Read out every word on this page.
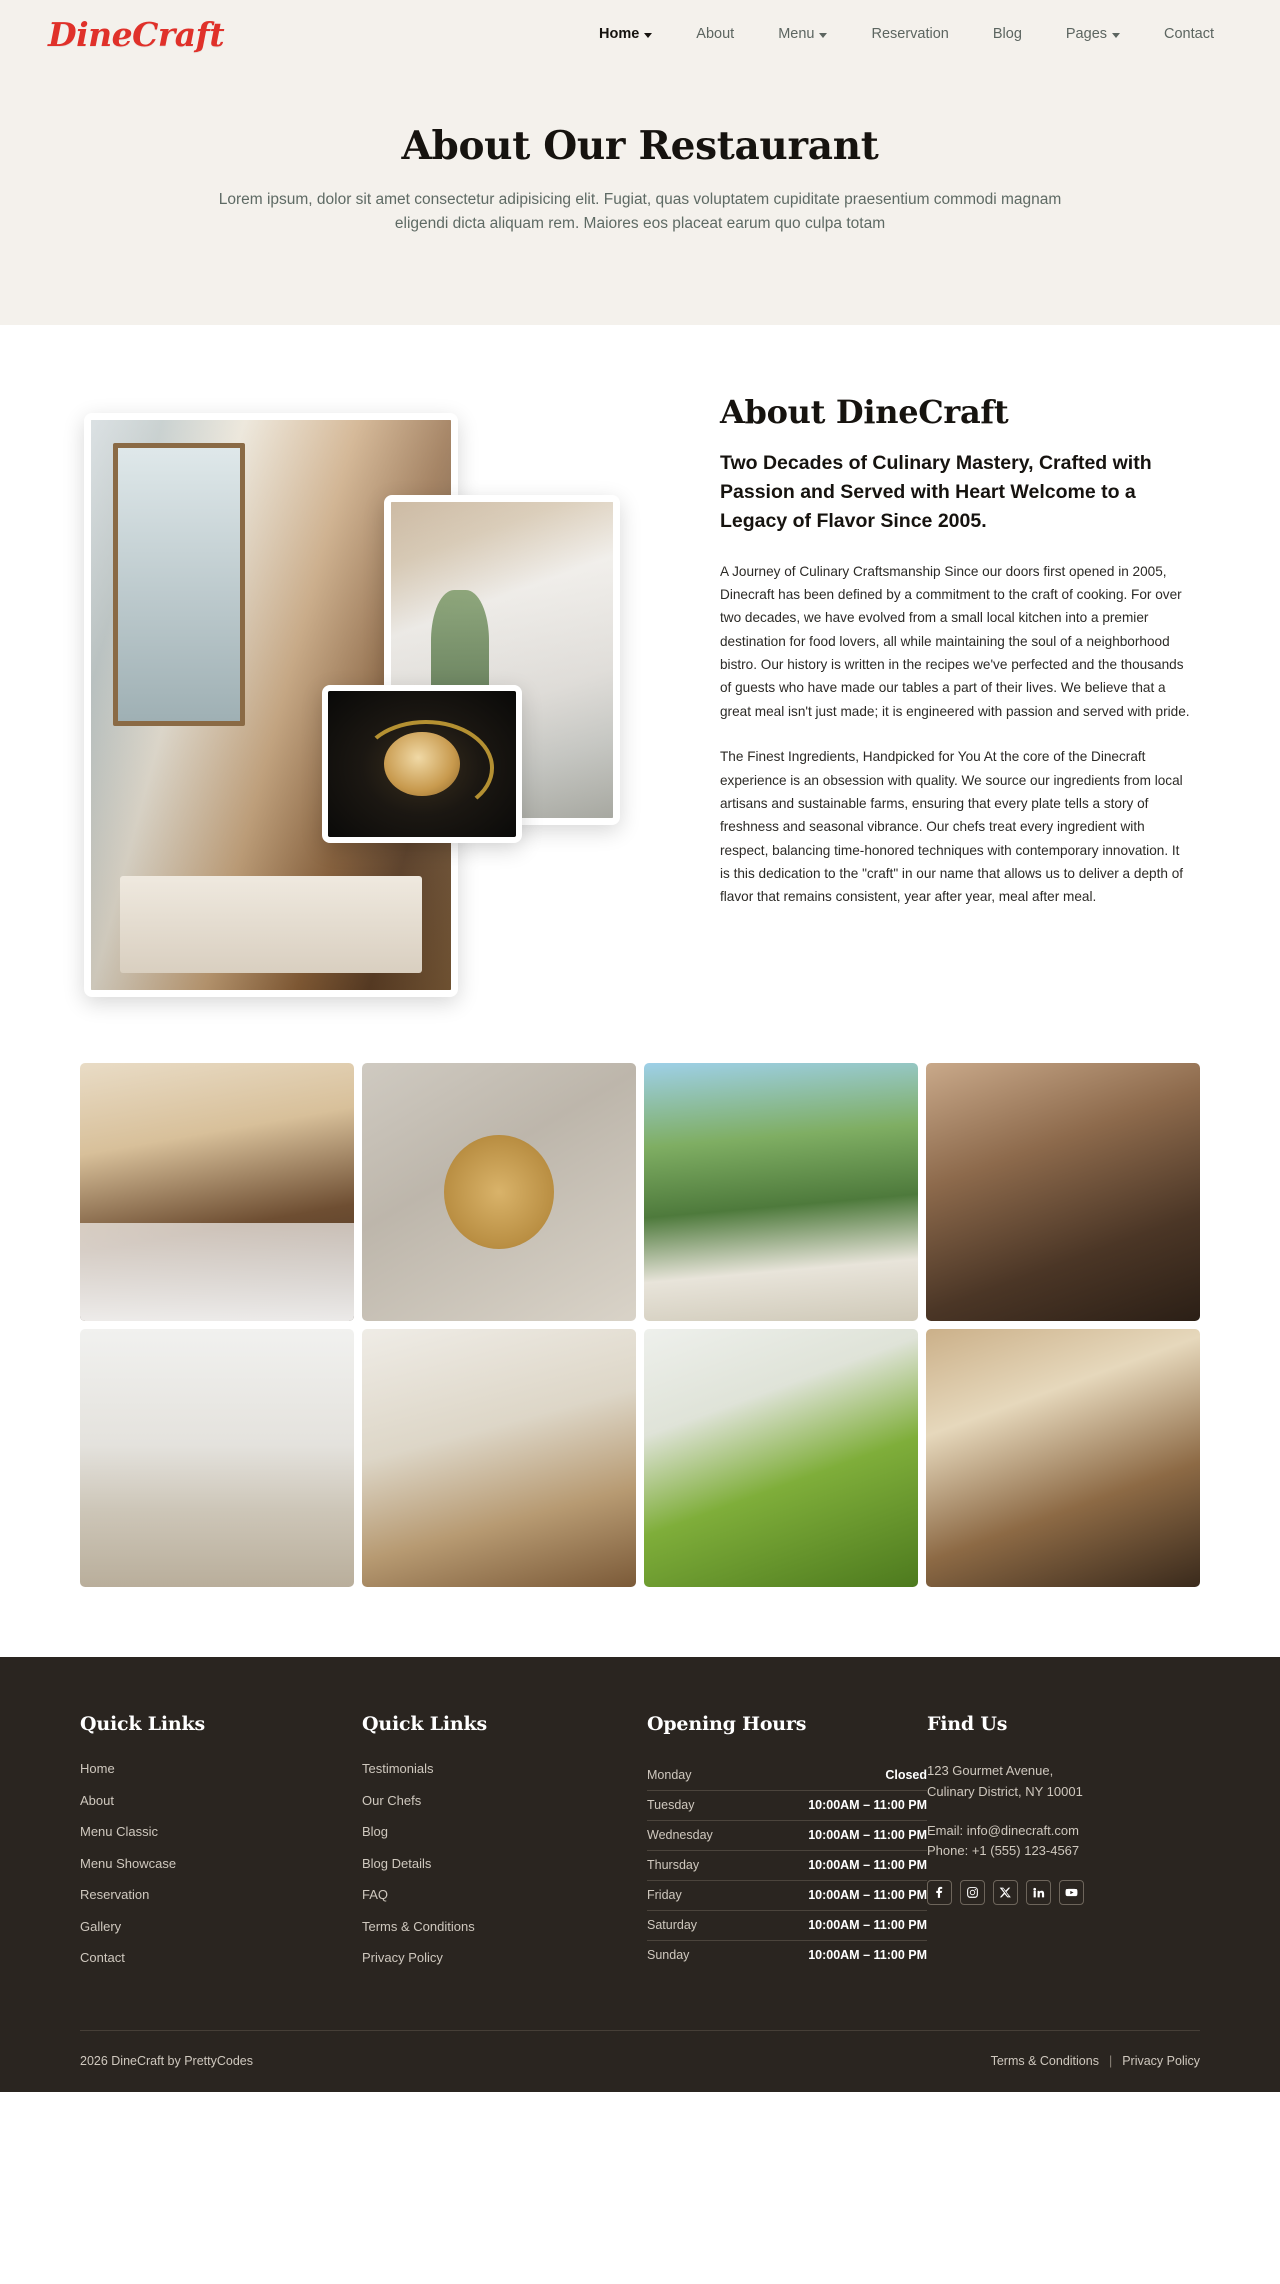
DineCraft	Home	About	Menu	Reservation	Blog	Pages	Contact
About Our Restaurant

Lorem ipsum, dolor sit amet consectetur adipisicing elit. Fugiat, quas voluptatem cupiditate praesentium commodi magnam eligendi dicta aliquam rem. Maiores eos placeat earum quo culpa totam

About DineCraft
Two Decades of Culinary Mastery, Crafted with Passion and Served with Heart Welcome to a Legacy of Flavor Since 2005.

A Journey of Culinary Craftsmanship Since our doors first opened in 2005, Dinecraft has been defined by a commitment to the craft of cooking. For over two decades, we have evolved from a small local kitchen into a premier destination for food lovers, all while maintaining the soul of a neighborhood bistro. Our history is written in the recipes we've perfected and the thousands of guests who have made our tables a part of their lives. We believe that a great meal isn't just made; it is engineered with passion and served with pride.

The Finest Ingredients, Handpicked for You At the core of the Dinecraft experience is an obsession with quality. We source our ingredients from local artisans and sustainable farms, ensuring that every plate tells a story of freshness and seasonal vibrance. Our chefs treat every ingredient with respect, balancing time-honored techniques with contemporary innovation. It is this dedication to the "craft" in our name that allows us to deliver a depth of flavor that remains consistent, year after year, meal after meal.

Quick Links
Home
About
Menu Classic
Menu Showcase
Reservation
Gallery
Contact
Quick Links
Testimonials
Our Chefs
Blog
Blog Details
FAQ
Terms & Conditions
Privacy Policy
Opening Hours
Monday	Closed
Tuesday	10:00AM – 11:00 PM
Wednesday	10:00AM – 11:00 PM
Thursday	10:00AM – 11:00 PM
Friday	10:00AM – 11:00 PM
Saturday	10:00AM – 11:00 PM
Sunday	10:00AM – 11:00 PM
Find Us
123 Gourmet Avenue,
Culinary District, NY 10001
Email: info@dinecraft.com
Phone: +1 (555) 123-4567
2026 DineCraft by PrettyCodes	Terms & Conditions | Privacy Policy
